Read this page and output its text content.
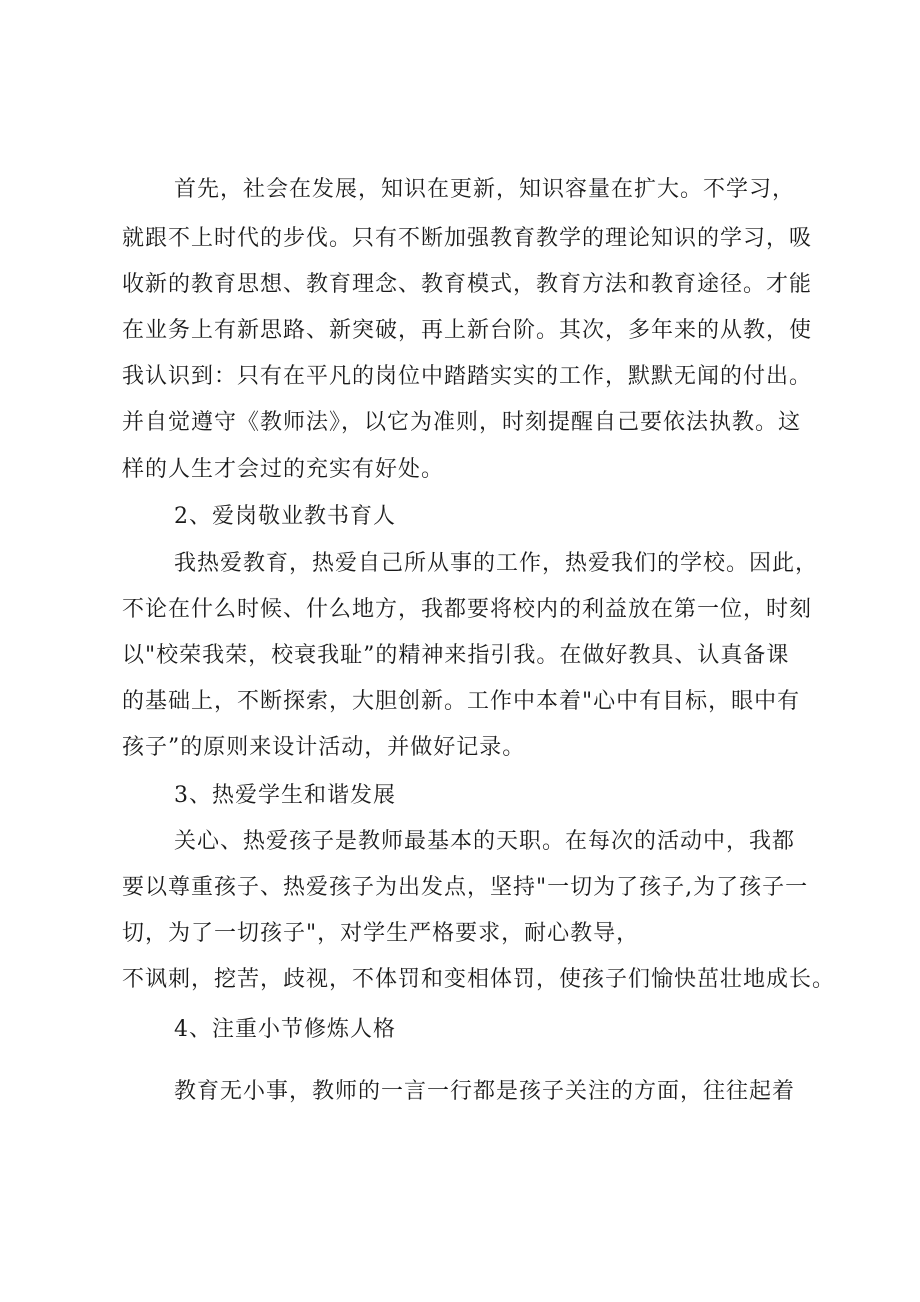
首先，社会在发展，知识在更新，知识容量在扩大。不学习，
就跟不上时代的步伐。只有不断加强教育教学的理论知识的学习，吸
收新的教育思想、教育理念、教育模式，教育方法和教育途径。才能
在业务上有新思路、新突破，再上新台阶。其次，多年来的从教，使
我认识到：只有在平凡的岗位中踏踏实实的工作，默默无闻的付出。
并自觉遵守《教师法》，以它为准则，时刻提醒自己要依法执教。这
样的人生才会过的充实有好处。
2、爱岗敬业教书育人
我热爱教育，热爱自己所从事的工作，热爱我们的学校。因此，
不论在什么时候、什么地方，我都要将校内的利益放在第一位，时刻
以"校荣我荣，校衰我耻”的精神来指引我。在做好教具、认真备课
的基础上，不断探索，大胆创新。工作中本着"心中有目标，眼中有
孩子”的原则来设计活动，并做好记录。
3、热爱学生和谐发展
关心、热爱孩子是教师最基本的天职。在每次的活动中，我都
要以尊重孩子、热爱孩子为出发点，坚持"一切为了孩子,为了孩子一
切，为了一切孩子"，对学生严格要求，耐心教导，
不讽刺，挖苦，歧视，不体罚和变相体罚，使孩子们愉快茁壮地成长。
4、注重小节修炼人格
教育无小事，教师的一言一行都是孩子关注的方面，往往起着
